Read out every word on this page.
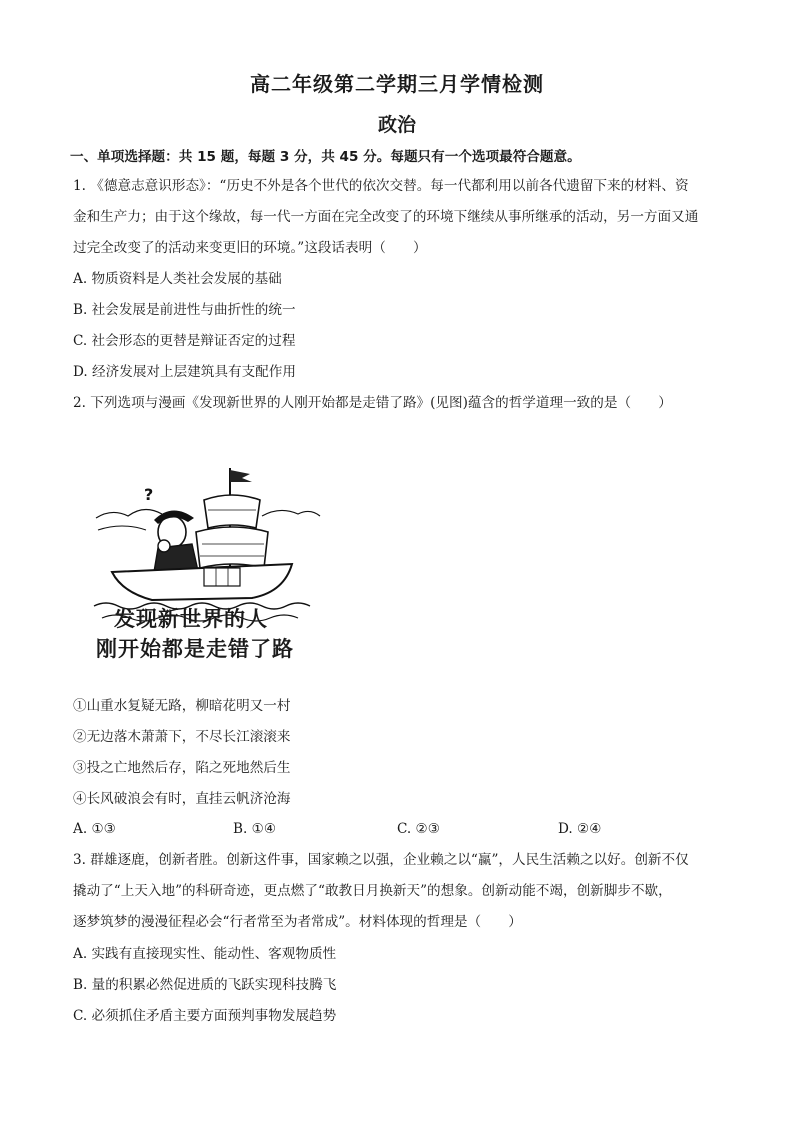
高二年级第二学期三月学情检测
政治
一、单项选择题：共 15 题，每题 3 分，共 45 分。每题只有一个选项最符合题意。
1. 《德意志意识形态》：“历史不外是各个世代的依次交替。每一代都利用以前各代遗留下来的材料、资
金和生产力；由于这个缘故，每一代一方面在完全改变了的环境下继续从事所继承的活动，另一方面又通
过完全改变了的活动来变更旧的环境。”这段话表明（　　）
A. 物质资料是人类社会发展的基础
B. 社会发展是前进性与曲折性的统一
C. 社会形态的更替是辩证否定的过程
D. 经济发展对上层建筑具有支配作用
2. 下列选项与漫画《发现新世界的人刚开始都是走错了路》(见图)蕴含的哲学道理一致的是（　　）
?
发现新世界的人
刚开始都是走错了路
①山重水复疑无路，柳暗花明又一村
②无边落木萧萧下，不尽长江滚滚来
③投之亡地然后存，陷之死地然后生
④长风破浪会有时，直挂云帆济沧海
A. ①③	B. ①④	C. ②③	D. ②④
3. 群雄逐鹿，创新者胜。创新这件事，国家赖之以强，企业赖之以“赢”，人民生活赖之以好。创新不仅
撬动了“上天入地”的科研奇迹，更点燃了“敢教日月换新天”的想象。创新动能不竭，创新脚步不歇，
逐梦筑梦的漫漫征程必会“行者常至为者常成”。材料体现的哲理是（　　）
A. 实践有直接现实性、能动性、客观物质性
B. 量的积累必然促进质的飞跃实现科技腾飞
C. 必须抓住矛盾主要方面预判事物发展趋势
